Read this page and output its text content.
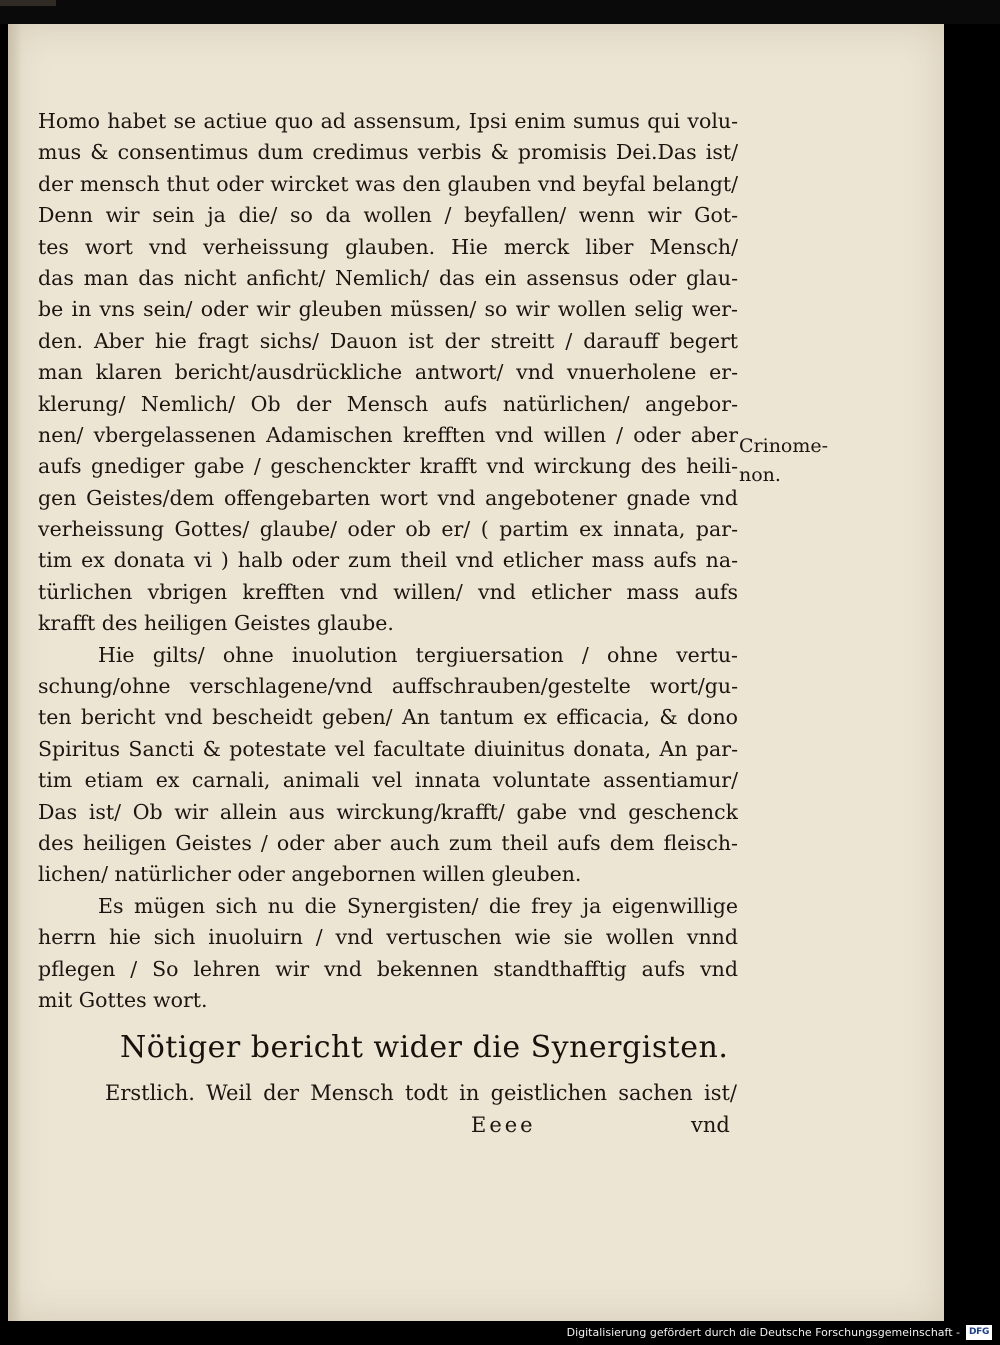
Homo habet se actiue quo ad assensum, Ipsi enim sumus qui volu-
mus & consentimus dum credimus verbis & promisis Dei.Das ist/
der mensch thut oder wircket was den glauben vnd beyfal belangt/
Denn wir sein ja die/ so da wollen / beyfallen/ wenn wir Got-
tes wort vnd verheissung glauben. Hie merck liber Mensch/
das man das nicht anficht/ Nemlich/ das ein assensus oder glau-
be in vns sein/ oder wir gleuben müssen/ so wir wollen selig wer-
den. Aber hie fragt sichs/ Dauon ist der streitt / darauff begert
man klaren bericht/ausdrückliche antwort/ vnd vnuerholene er-
klerung/ Nemlich/ Ob der Mensch aufs natürlichen/ angebor-
nen/ vbergelassenen Adamischen krefften vnd willen / oder aber
aufs gnediger gabe / geschenckter krafft vnd wirckung des heili-
gen Geistes/dem offengebarten wort vnd angebotener gnade vnd
verheissung Gottes/ glaube/ oder ob er/ ( partim ex innata, par-
tim ex donata vi ) halb oder zum theil vnd etlicher mass aufs na-
türlichen vbrigen krefften vnd willen/ vnd etlicher mass aufs
krafft des heiligen Geistes glaube.
Hie gilts/ ohne inuolution tergiuersation / ohne vertu-
schung/ohne verschlagene/vnd auffschrauben/gestelte wort/gu-
ten bericht vnd bescheidt geben/ An tantum ex efficacia, & dono
Spiritus Sancti & potestate vel facultate diuinitus donata, An par-
tim etiam ex carnali, animali vel innata voluntate assentiamur/
Das ist/ Ob wir allein aus wirckung/krafft/ gabe vnd geschenck
des heiligen Geistes / oder aber auch zum theil aufs dem fleisch-
lichen/ natürlicher oder angebornen willen gleuben.
Es mügen sich nu die Synergisten/ die frey ja eigenwillige
herrn hie sich inuoluirn / vnd vertuschen wie sie wollen vnnd
pflegen / So lehren wir vnd bekennen standthafftig aufs vnd
mit Gottes wort.
Crinome-
non.
Nötiger bericht wider die Synergisten.
Erstlich. Weil der Mensch todt in geistlichen sachen ist/
Eeee	vnd
Digitalisierung gefördert durch die Deutsche Forschungsgemeinschaft - DFG
